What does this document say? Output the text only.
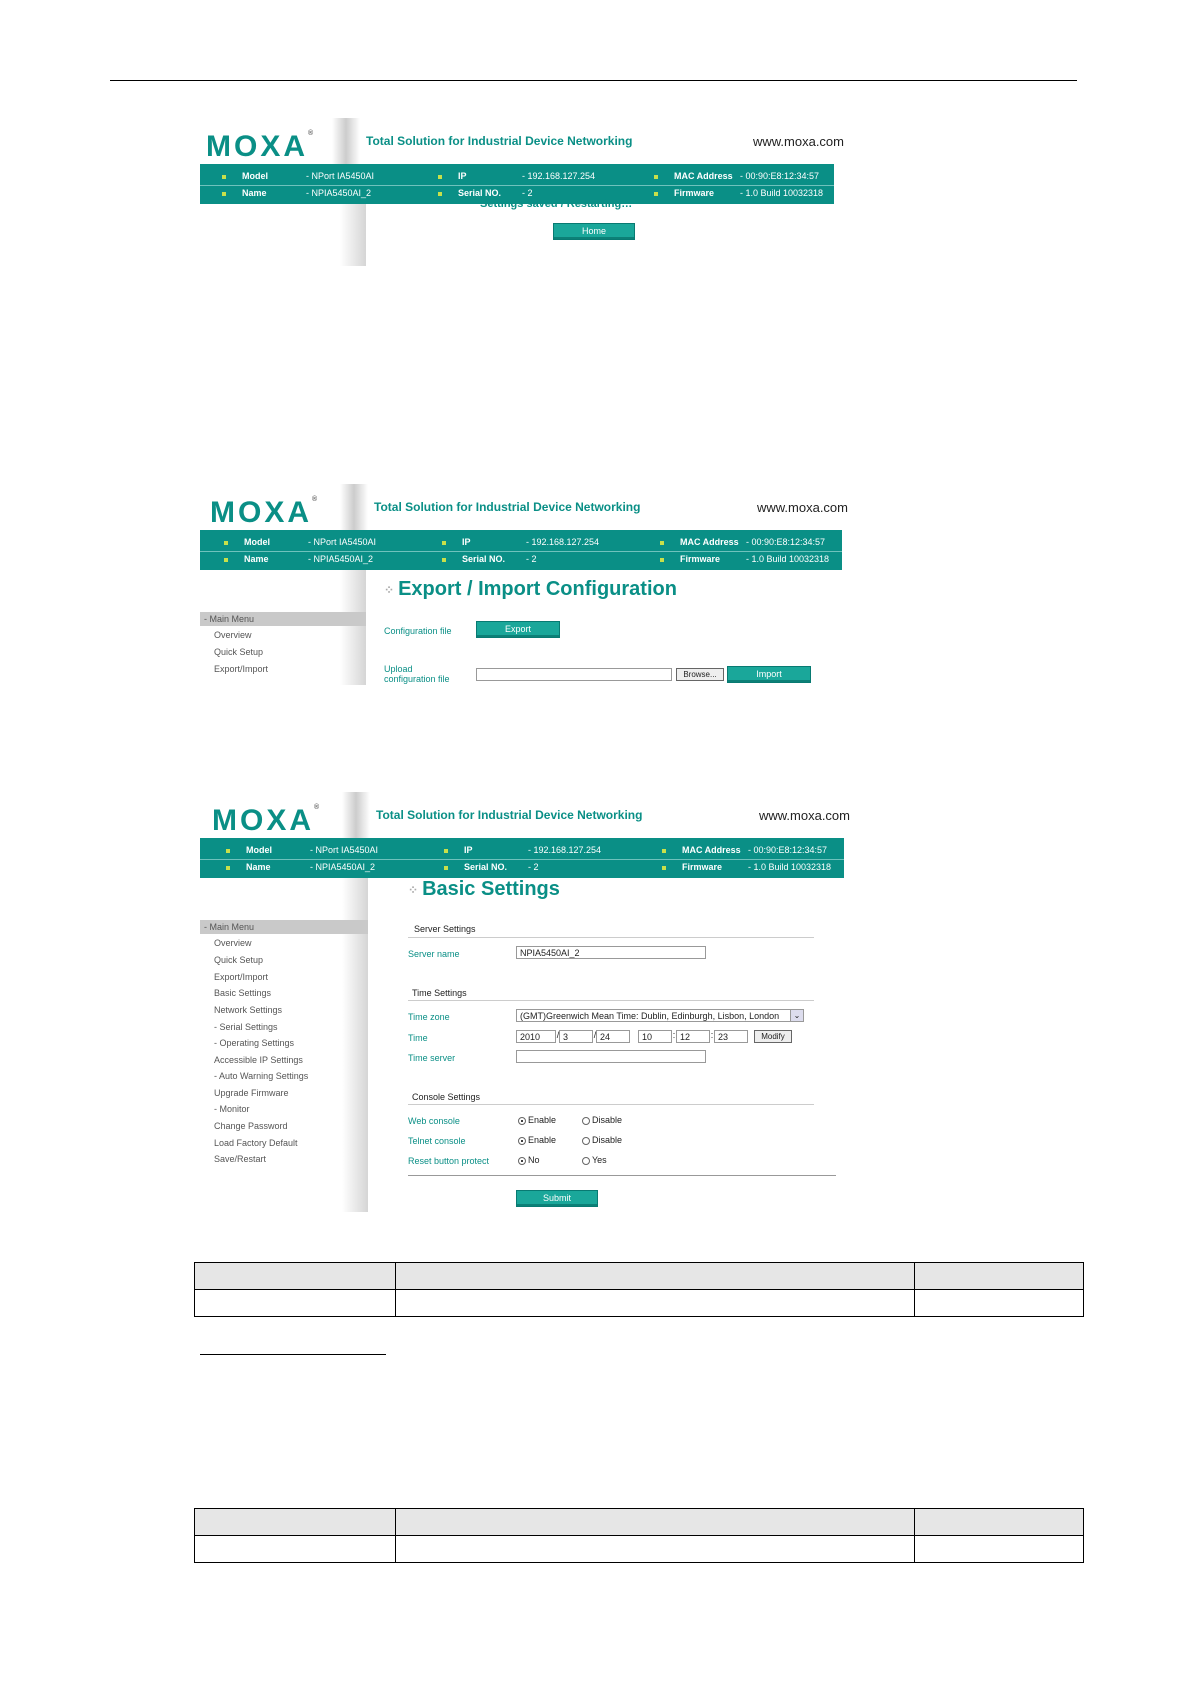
MOXA®
Total Solution for Industrial Device Networking	www.moxa.com
Model	- NPort IA5450AI	IP	- 192.168.127.254	MAC Address - 00:90:E8:12:34:57
Name	- NPIA5450AI_2	Serial NO. - 2	Firmware	- 1.0 Build 10032318
Settings saved / Restarting…
Home
MOXA®
Total Solution for Industrial Device Networking	www.moxa.com
Model	- NPort IA5450AI	IP	- 192.168.127.254	MAC Address - 00:90:E8:12:34:57
Name	- NPIA5450AI_2	Serial NO. - 2	Firmware	- 1.0 Build 10032318
- Main Menu
Overview
Quick Setup
Export/Import
⁘ Export / Import Configuration
Configuration file	Export
Upload
configuration file	Browse...	Import
MOXA®
Total Solution for Industrial Device Networking	www.moxa.com
Model	- NPort IA5450AI	IP	- 192.168.127.254	MAC Address - 00:90:E8:12:34:57
Name	- NPIA5450AI_2	Serial NO. - 2	Firmware	- 1.0 Build 10032318
- Main Menu
Overview
Quick Setup
Export/Import
Basic Settings
Network Settings
- Serial Settings
- Operating Settings
Accessible IP Settings
- Auto Warning Settings
Upgrade Firmware
- Monitor
Change Password
Load Factory Default
Save/Restart
⁘ Basic Settings
Server Settings
Server name	NPIA5450AI_2
Time Settings
Time zone	(GMT)Greenwich Mean Time: Dublin, Edinburgh, Lisbon, London	⌄
Time	2010	/ 3	/ 24	10	: 12	: 23	Modify
Time server
Console Settings
Web console	Enable	Disable
Telnet console	Enable	Disable
Reset button protect	No	Yes
Submit
